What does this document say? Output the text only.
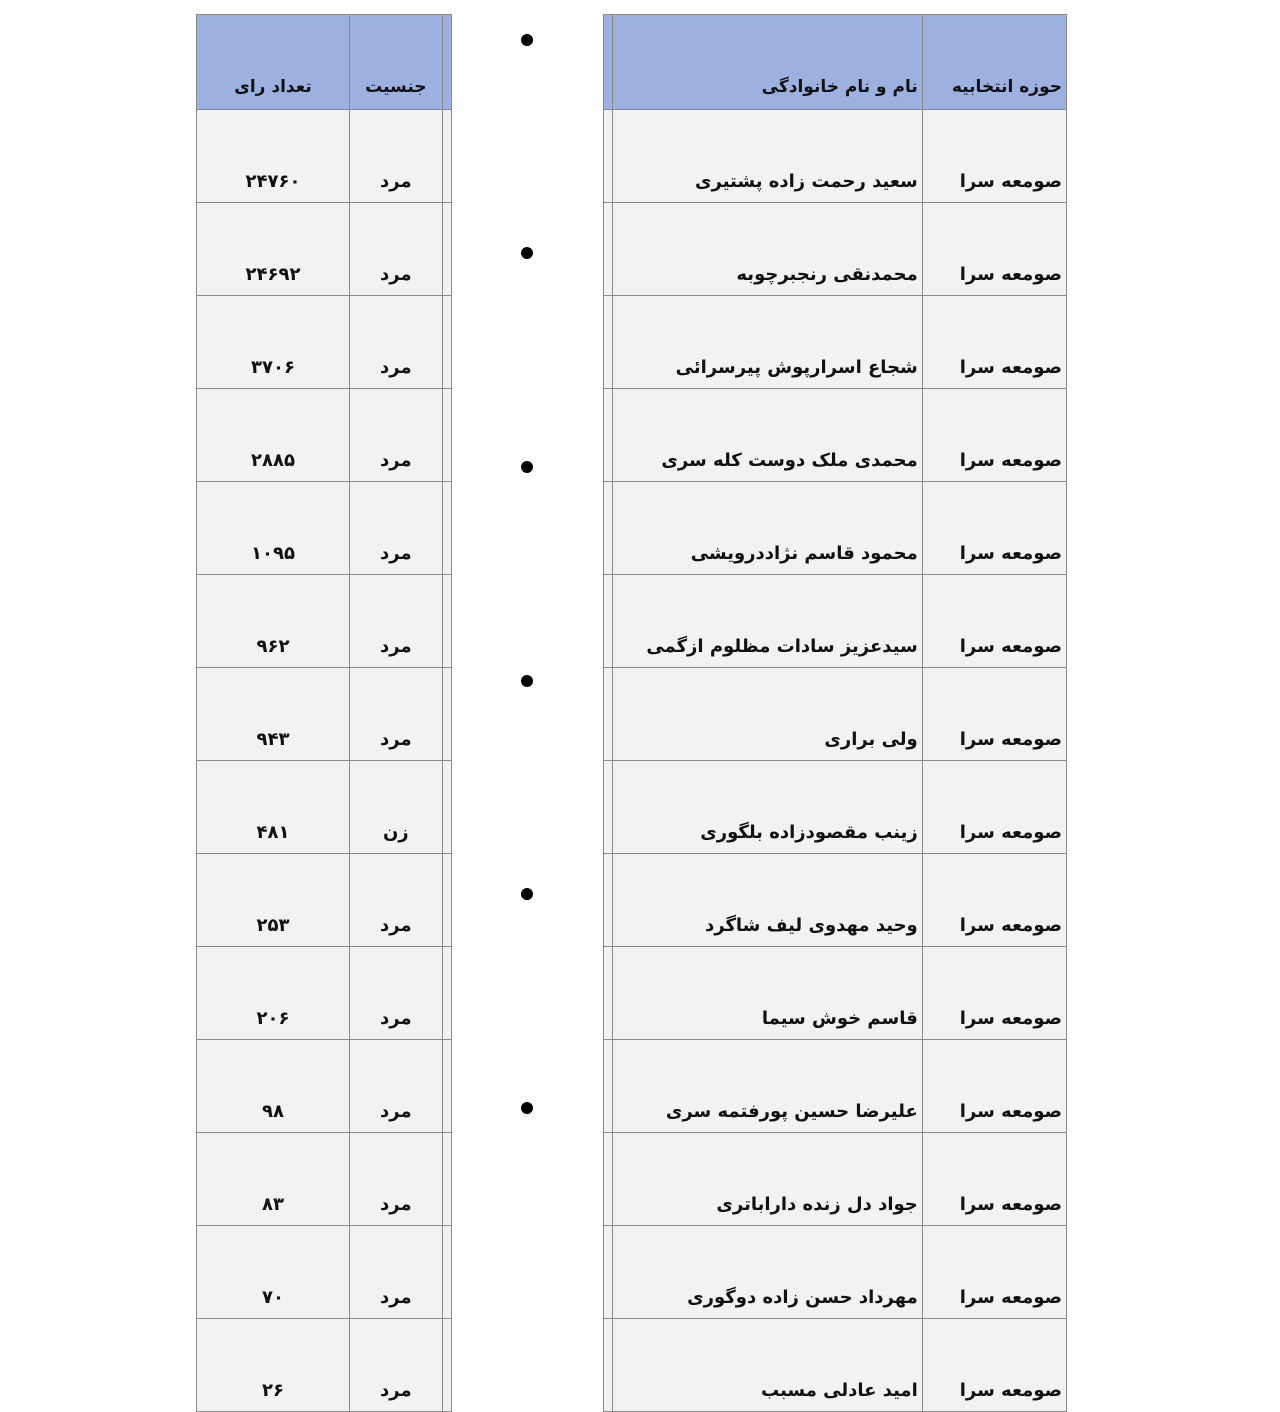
تعداد رای	جنسیت	
۲۴۷۶۰	مرد	
۲۴۶۹۲	مرد	
۳۷۰۶	مرد	
۲۸۸۵	مرد	
۱۰۹۵	مرد	
۹۶۲	مرد	
۹۴۳	مرد	
۴۸۱	زن	
۲۵۳	مرد	
۲۰۶	مرد	
۹۸	مرد	
۸۳	مرد	
۷۰	مرد	
۲۶	مرد	
	نام و نام خانوادگی	حوزه انتخابیه
	سعید رحمت زاده پشتیری	صومعه سرا
	محمدنقی رنجبرچوبه	صومعه سرا
	شجاع اسرارپوش پیرسرائی	صومعه سرا
	محمدی ملک دوست کله سری	صومعه سرا
	محمود قاسم نژاددرویشی	صومعه سرا
	سیدعزیز سادات مظلوم ازگمی	صومعه سرا
	ولی براری	صومعه سرا
	زینب مقصودزاده بلگوری	صومعه سرا
	وحید مهدوی لیف شاگرد	صومعه سرا
	قاسم خوش سیما	صومعه سرا
	علیرضا حسین پورفتمه سری	صومعه سرا
	جواد دل زنده داراباتری	صومعه سرا
	مهرداد حسن زاده دوگوری	صومعه سرا
	امید عادلی مسبب	صومعه سرا
